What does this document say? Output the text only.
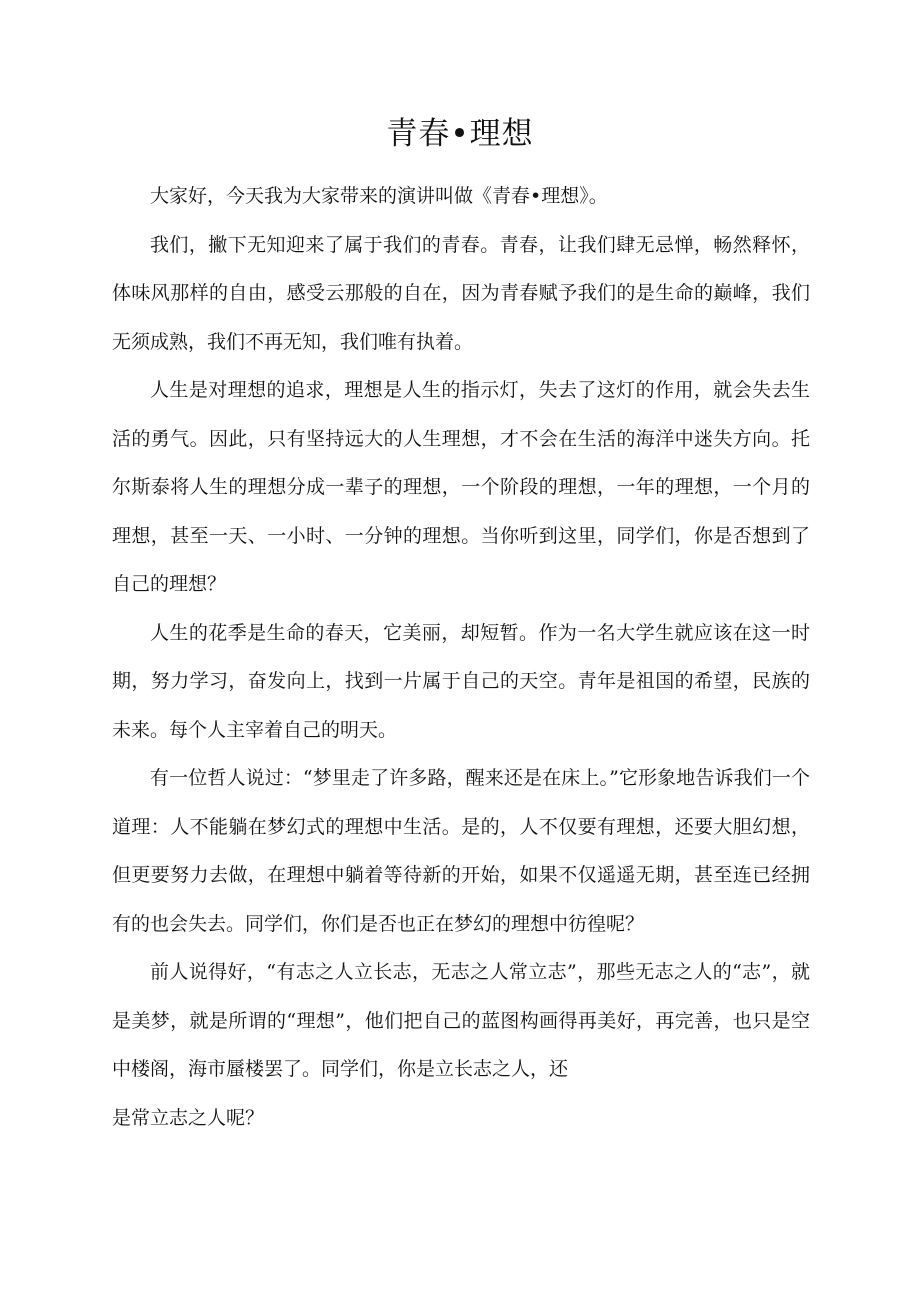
青春•理想

大家好，今天我为大家带来的演讲叫做《青春•理想》。

我们，撇下无知迎来了属于我们的青春。青春，让我们肆无忌惮，畅然释怀，体味风那样的自由，感受云那般的自在，因为青春赋予我们的是生命的巅峰，我们无须成熟，我们不再无知，我们唯有执着。

人生是对理想的追求，理想是人生的指示灯，失去了这灯的作用，就会失去生活的勇气。因此，只有坚持远大的人生理想，才不会在生活的海洋中迷失方向。托尔斯泰将人生的理想分成一辈子的理想，一个阶段的理想，一年的理想，一个月的理想，甚至一天、一小时、一分钟的理想。当你听到这里，同学们，你是否想到了自己的理想？

人生的花季是生命的春天，它美丽，却短暂。作为一名大学生就应该在这一时期，努力学习，奋发向上，找到一片属于自己的天空。青年是祖国的希望，民族的未来。每个人主宰着自己的明天。

有一位哲人说过：“梦里走了许多路，醒来还是在床上。”它形象地告诉我们一个道理：人不能躺在梦幻式的理想中生活。是的，人不仅要有理想，还要大胆幻想，但更要努力去做，在理想中躺着等待新的开始，如果不仅遥遥无期，甚至连已经拥有的也会失去。同学们，你们是否也正在梦幻的理想中彷徨呢？

前人说得好，“有志之人立长志，无志之人常立志”，那些无志之人的“志”，就是美梦，就是所谓的“理想”，他们把自己的蓝图构画得再美好，再完善，也只是空中楼阁，海市蜃楼罢了。同学们，你是立长志之人，还
是常立志之人呢？
